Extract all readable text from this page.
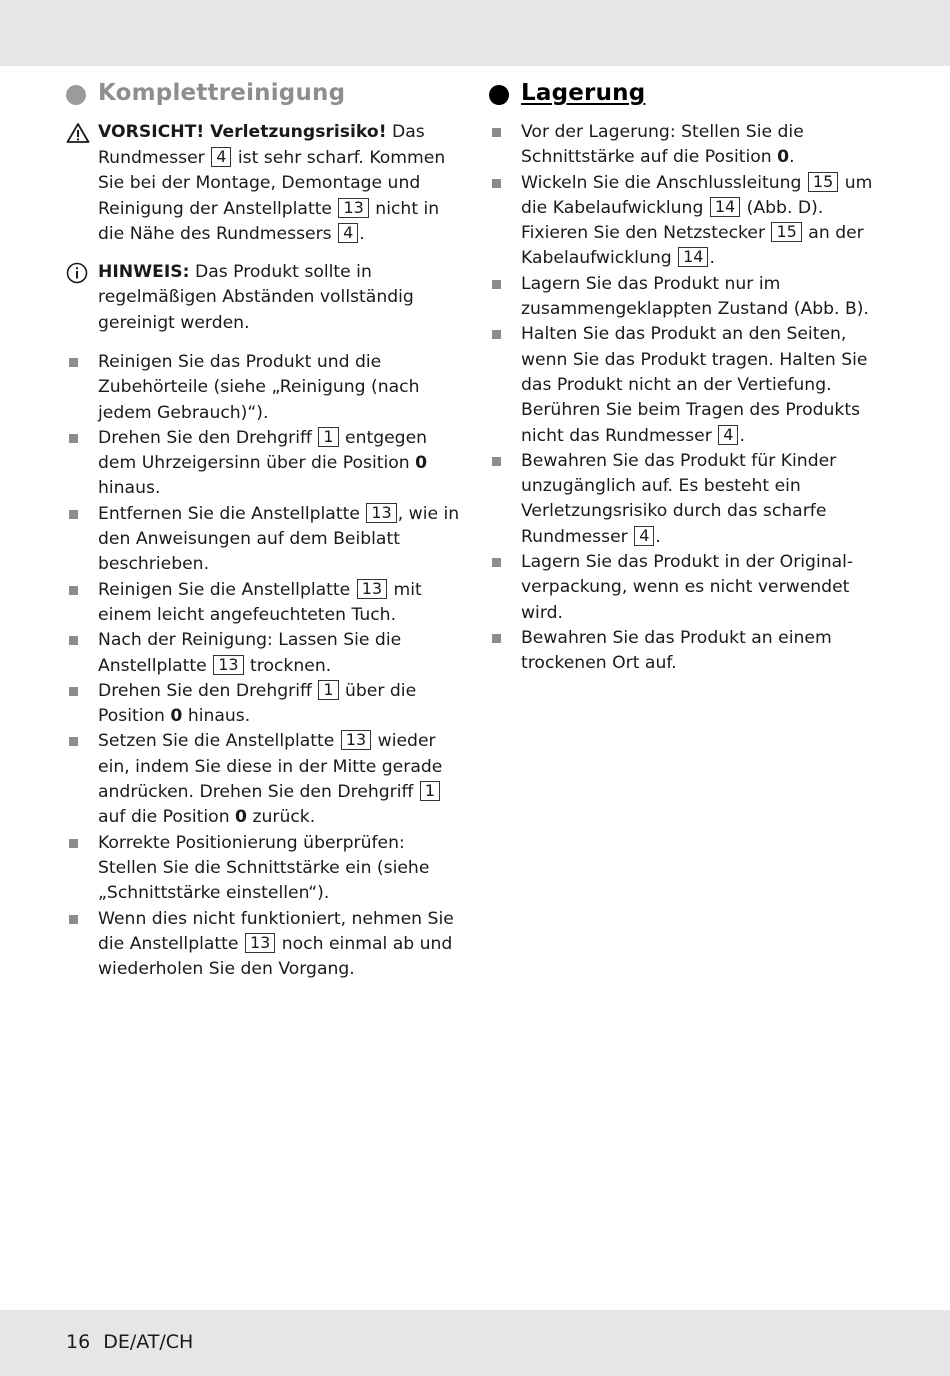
Komplettreinigung
VORSICHT! Verletzungsrisiko! Das Rundmesser 4 ist sehr scharf. Kommen Sie bei der Montage, Demontage und Reinigung der Anstellplatte 13 nicht in die Nähe des Rundmessers 4 .
HINWEIS: Das Produkt sollte in regelmäßigen Abständen vollständig gereinigt werden.
Reinigen Sie das Produkt und die Zubehörteile (siehe „Reinigung (nach jedem Gebrauch)“).
Drehen Sie den Drehgriff 1 entgegen dem Uhrzeigersinn über die Position 0 hinaus.
Entfernen Sie die Anstellplatte 13 , wie in den Anweisungen auf dem Beiblatt beschrieben.
Reinigen Sie die Anstellplatte 13 mit einem leicht angefeuchteten Tuch.
Nach der Reinigung: Lassen Sie die Anstellplatte 13 trocknen.
Drehen Sie den Drehgriff 1 über die Position 0 hinaus.
Setzen Sie die Anstellplatte 13 wieder ein, indem Sie diese in der Mitte gerade andrücken. Drehen Sie den Drehgriff 1 auf die Position 0 zurück.
Korrekte Positionierung überprüfen: Stellen Sie die Schnittstärke ein (siehe „Schnittstärke einstellen“).
Wenn dies nicht funktioniert, nehmen Sie die Anstellplatte 13 noch einmal ab und wiederholen Sie den Vorgang.
Lagerung
Vor der Lagerung: Stellen Sie die Schnittstärke auf die Position 0.
Wickeln Sie die Anschlussleitung 15 um die Kabelaufwicklung 14 (Abb. D). Fixieren Sie den Netzstecker 15 an der Kabelaufwicklung 14 .
Lagern Sie das Produkt nur im zusammengeklappten Zustand (Abb. B).
Halten Sie das Produkt an den Seiten, wenn Sie das Produkt tragen. Halten Sie das Produkt nicht an der Vertiefung. Berühren Sie beim Tragen des Produkts nicht das Rundmesser 4 .
Bewahren Sie das Produkt für Kinder unzugänglich auf. Es besteht ein Verletzungsrisiko durch das scharfe Rundmesser 4 .
Lagern Sie das Produkt in der Original-verpackung, wenn es nicht verwendet wird.
Bewahren Sie das Produkt an einem trockenen Ort auf.
16 DE/AT/CH
